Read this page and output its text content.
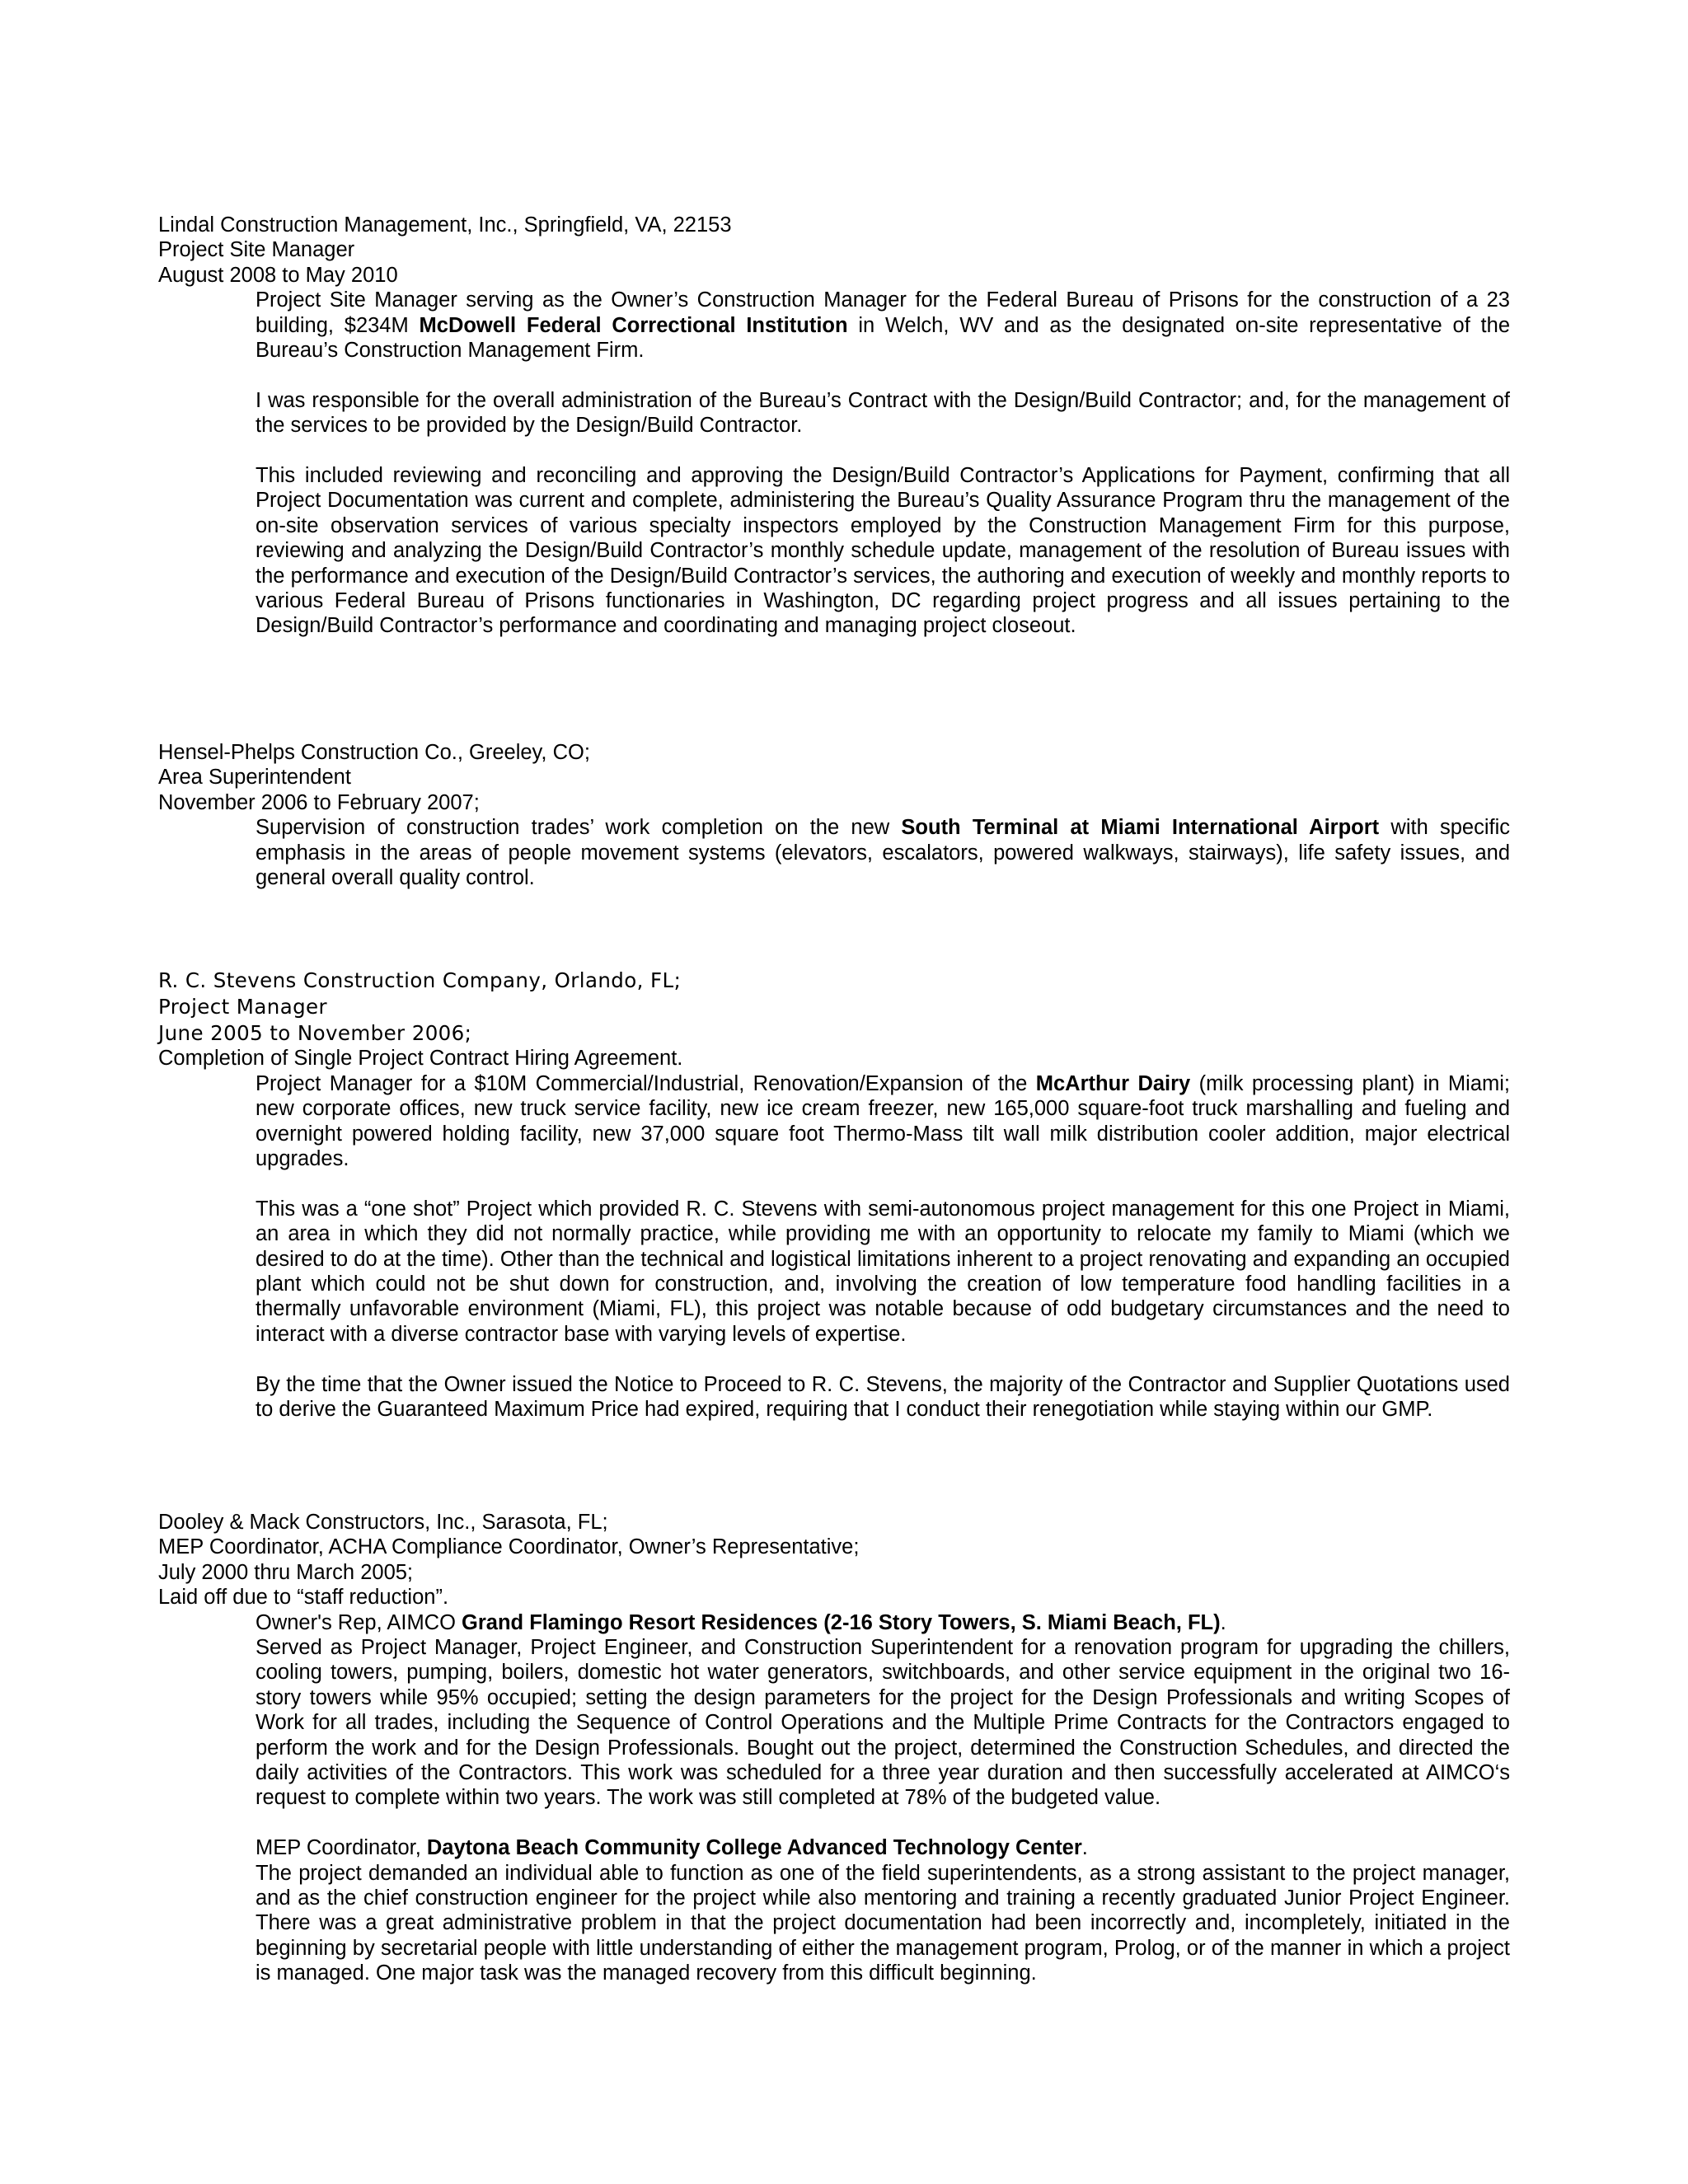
Lindal Construction Management, Inc., Springfield, VA, 22153

Project Site Manager

August 2008 to May 2010

Project Site Manager serving as the Owner’s Construction Manager for the Federal Bureau of Prisons for the construction of a 23 building, $234M McDowell Federal Correctional Institution in Welch, WV and as the designated on-site representative of the Bureau’s Construction Management Firm.

I was responsible for the overall administration of the Bureau’s Contract with the Design/Build Contractor; and, for the management of the services to be provided by the Design/Build Contractor.

This included reviewing and reconciling and approving the Design/Build Contractor’s Applications for Payment, confirming that all Project Documentation was current and complete, administering the Bureau’s Quality Assurance Program thru the management of the on-site observation services of various specialty inspectors employed by the Construction Management Firm for this purpose, reviewing and analyzing the Design/Build Contractor’s monthly schedule update, management of the resolution of Bureau issues with the performance and execution of the Design/Build Contractor’s services, the authoring and execution of weekly and monthly reports to various Federal Bureau of Prisons functionaries in Washington, DC regarding project progress and all issues pertaining to the Design/Build Contractor’s performance and coordinating and managing project closeout.

Hensel-Phelps Construction Co., Greeley, CO;

Area Superintendent

November 2006 to February 2007;

Supervision of construction trades’ work completion on the new South Terminal at Miami International Airport with specific emphasis in the areas of people movement systems (elevators, escalators, powered walkways, stairways), life safety issues, and general overall quality control.

R. C. Stevens Construction Company, Orlando, FL;

Project Manager

June 2005 to November 2006;

Completion of Single Project Contract Hiring Agreement.

Project Manager for a $10M Commercial/Industrial, Renovation/Expansion of the McArthur Dairy (milk processing plant) in Miami; new corporate offices, new truck service facility, new ice cream freezer, new 165,000 square-foot truck marshalling and fueling and overnight powered holding facility, new 37,000 square foot Thermo-Mass tilt wall milk distribution cooler addition, major electrical upgrades.

This was a “one shot” Project which provided R. C. Stevens with semi-autonomous project management for this one Project in Miami, an area in which they did not normally practice, while providing me with an opportunity to relocate my family to Miami (which we desired to do at the time). Other than the technical and logistical limitations inherent to a project renovating and expanding an occupied plant which could not be shut down for construction, and, involving the creation of low temperature food handling facilities in a thermally unfavorable environment (Miami, FL), this project was notable because of odd budgetary circumstances and the need to interact with a diverse contractor base with varying levels of expertise.

By the time that the Owner issued the Notice to Proceed to R. C. Stevens, the majority of the Contractor and Supplier Quotations used to derive the Guaranteed Maximum Price had expired, requiring that I conduct their renegotiation while staying within our GMP.

Dooley & Mack Constructors, Inc., Sarasota, FL;

MEP Coordinator, ACHA Compliance Coordinator, Owner’s Representative;

July 2000 thru March 2005;

Laid off due to “staff reduction”.

Owner's Rep, AIMCO Grand Flamingo Resort Residences (2-16 Story Towers, S. Miami Beach, FL).

Served as Project Manager, Project Engineer, and Construction Superintendent for a renovation program for upgrading the chillers, cooling towers, pumping, boilers, domestic hot water generators, switchboards, and other service equipment in the original two 16-story towers while 95% occupied; setting the design parameters for the project for the Design Professionals and writing Scopes of Work for all trades, including the Sequence of Control Operations and the Multiple Prime Contracts for the Contractors engaged to perform the work and for the Design Professionals. Bought out the project, determined the Construction Schedules, and directed the daily activities of the Contractors. This work was scheduled for a three year duration and then successfully accelerated at AIMCO‘s request to complete within two years. The work was still completed at 78% of the budgeted value.

MEP Coordinator, Daytona Beach Community College Advanced Technology Center.

The project demanded an individual able to function as one of the field superintendents, as a strong assistant to the project manager, and as the chief construction engineer for the project while also mentoring and training a recently graduated Junior Project Engineer. There was a great administrative problem in that the project documentation had been incorrectly and, incompletely, initiated in the beginning by secretarial people with little understanding of either the management program, Prolog, or of the manner in which a project is managed. One major task was the managed recovery from this difficult beginning.
